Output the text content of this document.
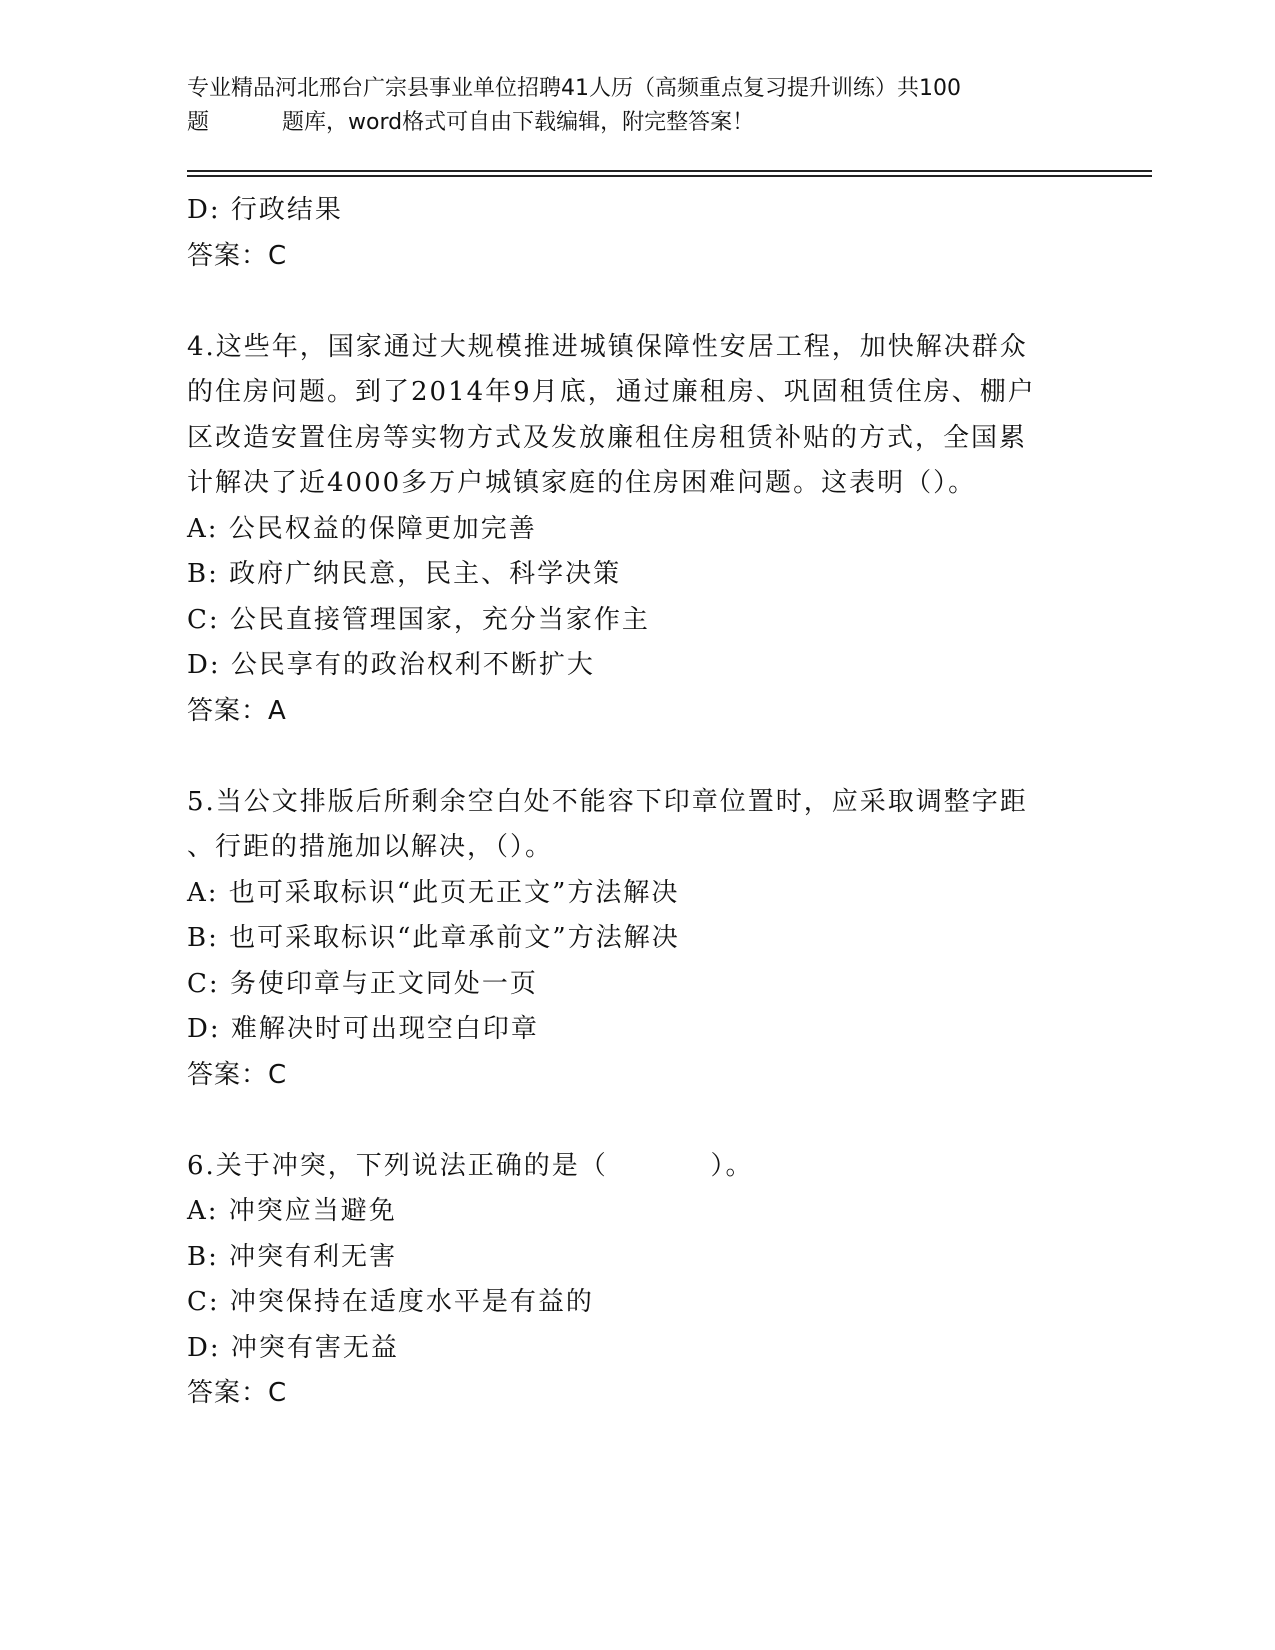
专业精品河北邢台广宗县事业单位招聘41人历（高频重点复习提升训练）共100
题	题库，word格式可自由下载编辑，附完整答案！
D: 行政结果
答案：C
4.这些年，国家通过大规模推进城镇保障性安居工程，加快解决群众
的住房问题。到了2014年9月底，通过廉租房、巩固租赁住房、棚户
区改造安置住房等实物方式及发放廉租住房租赁补贴的方式，全国累
计解决了近4000多万户城镇家庭的住房困难问题。这表明（）。
A: 公民权益的保障更加完善
B: 政府广纳民意，民主、科学决策
C: 公民直接管理国家，充分当家作主
D: 公民享有的政治权利不断扩大
答案：A
5.当公文排版后所剩余空白处不能容下印章位置时，应采取调整字距
、行距的措施加以解决，（）。
A: 也可采取标识“此页无正文”方法解决
B: 也可采取标识“此章承前文”方法解决
C: 务使印章与正文同处一页
D: 难解决时可出现空白印章
答案：C
6.关于冲突，下列说法正确的是（          ）。
A: 冲突应当避免
B: 冲突有利无害
C: 冲突保持在适度水平是有益的
D: 冲突有害无益
答案：C
